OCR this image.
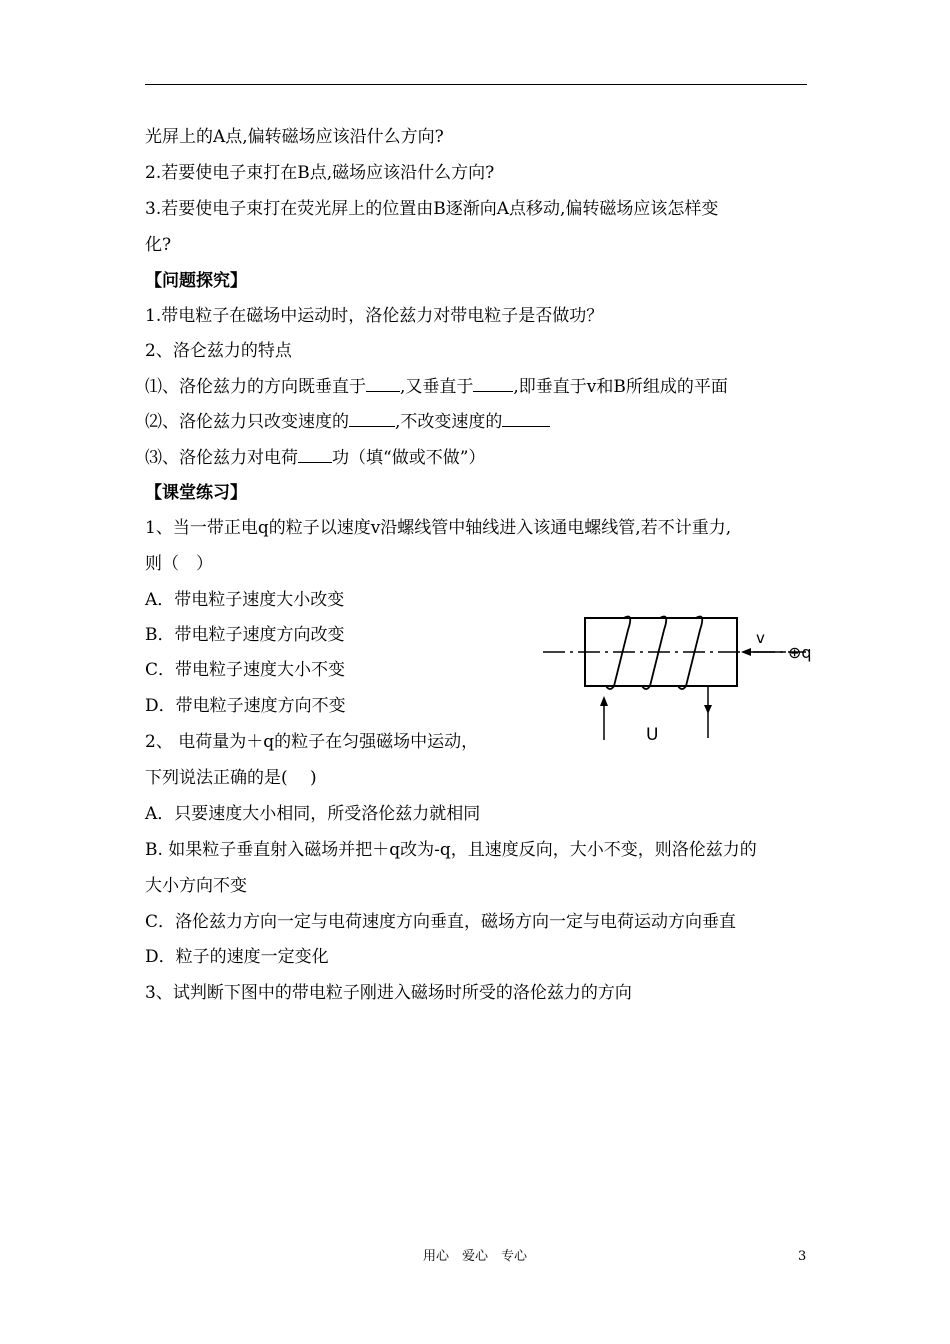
光屏上的A点,偏转磁场应该沿什么方向?
2.若要使电子束打在B点,磁场应该沿什么方向?
3.若要使电子束打在荧光屏上的位置由B逐渐向A点移动,偏转磁场应该怎样变
化?
【问题探究】
1.带电粒子在磁场中运动时，洛伦兹力对带电粒子是否做功？
2、洛仑兹力的特点
⑴、洛伦兹力的方向既垂直于 ,又垂直于 ,即垂直于v和B所组成的平面
⑵、洛伦兹力只改变速度的	,不改变速度的
⑶、洛伦兹力对电荷 功（填“做或不做”）
【课堂练习】
1、当一带正电q的粒子以速度v沿螺线管中轴线进入该通电螺线管,若不计重力,
则（　）
A．带电粒子速度大小改变
B．带电粒子速度方向改变
C．带电粒子速度大小不变
D．带电粒子速度方向不变
2、 电荷量为＋q的粒子在匀强磁场中运动，
下列说法正确的是(　 )
A．只要速度大小相同，所受洛伦兹力就相同
B. 如果粒子垂直射入磁场并把＋q改为-q，且速度反向，大小不变，则洛伦兹力的
大小方向不变
C．洛伦兹力方向一定与电荷速度方向垂直，磁场方向一定与电荷运动方向垂直
D．粒子的速度一定变化
3、试判断下图中的带电粒子刚进入磁场时所受的洛伦兹力的方向
v
⊕q
U
用心　爱心　专心	3
